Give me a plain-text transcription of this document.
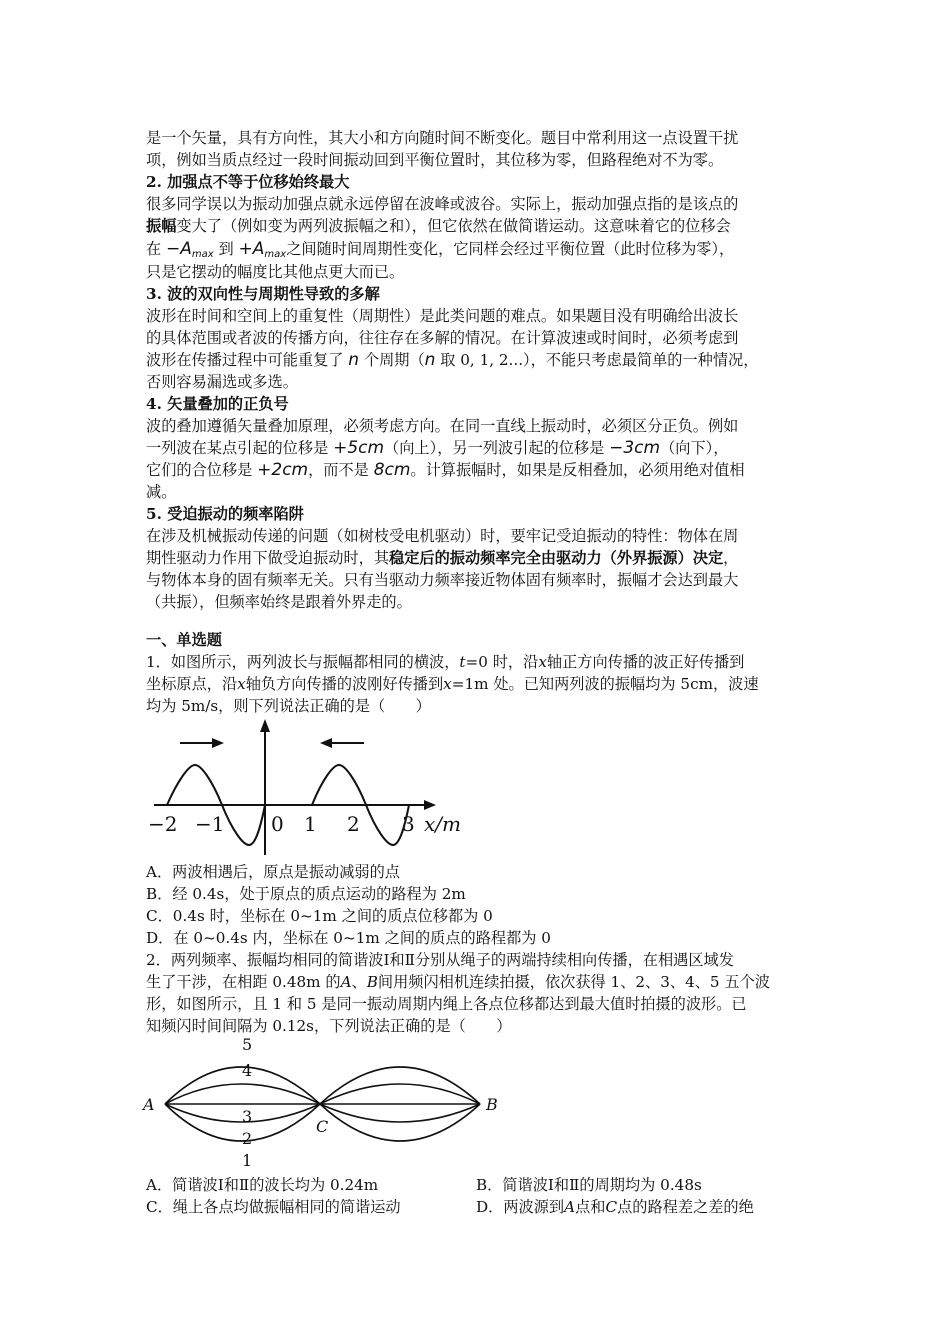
是一个矢量，具有方向性，其大小和方向随时间不断变化。题目中常利用这一点设置干扰
项，例如当质点经过一段时间振动回到平衡位置时，其位移为零，但路程绝对不为零。
2. 加强点不等于位移始终最大
很多同学误以为振动加强点就永远停留在波峰或波谷。实际上，振动加强点指的是该点的
振幅变大了（例如变为两列波振幅之和），但它依然在做简谐运动。这意味着它的位移会
在 $-A_{max}$ 到 $+A_{max}$之间随时间周期性变化，它同样会经过平衡位置（此时位移为零），
只是它摆动的幅度比其他点更大而已。
3. 波的双向性与周期性导致的多解
波形在时间和空间上的重复性（周期性）是此类问题的难点。如果题目没有明确给出波长
的具体范围或者波的传播方向，往往存在多解的情况。在计算波速或时间时，必须考虑到
波形在传播过程中可能重复了 n 个周期（n 取 0, 1, 2...），不能只考虑最简单的一种情况，
否则容易漏选或多选。
4. 矢量叠加的正负号
波的叠加遵循矢量叠加原理，必须考虑方向。在同一直线上振动时，必须区分正负。例如
一列波在某点引起的位移是 +5cm（向上），另一列波引起的位移是 −3cm（向下），
它们的合位移是 +2cm，而不是 8cm。计算振幅时，如果是反相叠加，必须用绝对值相
减。
5. 受迫振动的频率陷阱
在涉及机械振动传递的问题（如树枝受电机驱动）时，要牢记受迫振动的特性：物体在周
期性驱动力作用下做受迫振动时，其稳定后的振动频率完全由驱动力（外界振源）决定，
与物体本身的固有频率无关。只有当驱动力频率接近物体固有频率时，振幅才会达到最大
（共振），但频率始终是跟着外界走的。
一、单选题
1．如图所示，两列波长与振幅都相同的横波，t=0 时，沿x轴正方向传播的波正好传播到
坐标原点，沿x轴负方向传播的波刚好传播到x=1m 处。已知两列波的振幅均为 5cm，波速
均为 5m/s，则下列说法正确的是（　　）
−2 −1 0 1 2 3 x/m
A．两波相遇后，原点是振动减弱的点
B．经 0.4s，处于原点的质点运动的路程为 2m
C．0.4s 时，坐标在 0~1m 之间的质点位移都为 0
D．在 0~0.4s 内，坐标在 0~1m 之间的质点的路程都为 0
2．两列频率、振幅均相同的简谐波Ⅰ和Ⅱ分别从绳子的两端持续相向传播，在相遇区域发
生了干涉，在相距 0.48m 的A、B间用频闪相机连续拍摄，依次获得 1、2、3、4、5 五个波
形，如图所示，且 1 和 5 是同一振动周期内绳上各点位移都达到最大值时拍摄的波形。已
知频闪时间间隔为 0.12s，下列说法正确的是（　　）
5
4
3
2
1
A	B
C
A．简谐波Ⅰ和Ⅱ的波长均为 0.24m	B．简谐波Ⅰ和Ⅱ的周期均为 0.48s
C．绳上各点均做振幅相同的简谐运动	D．两波源到A点和C点的路程差之差的绝
